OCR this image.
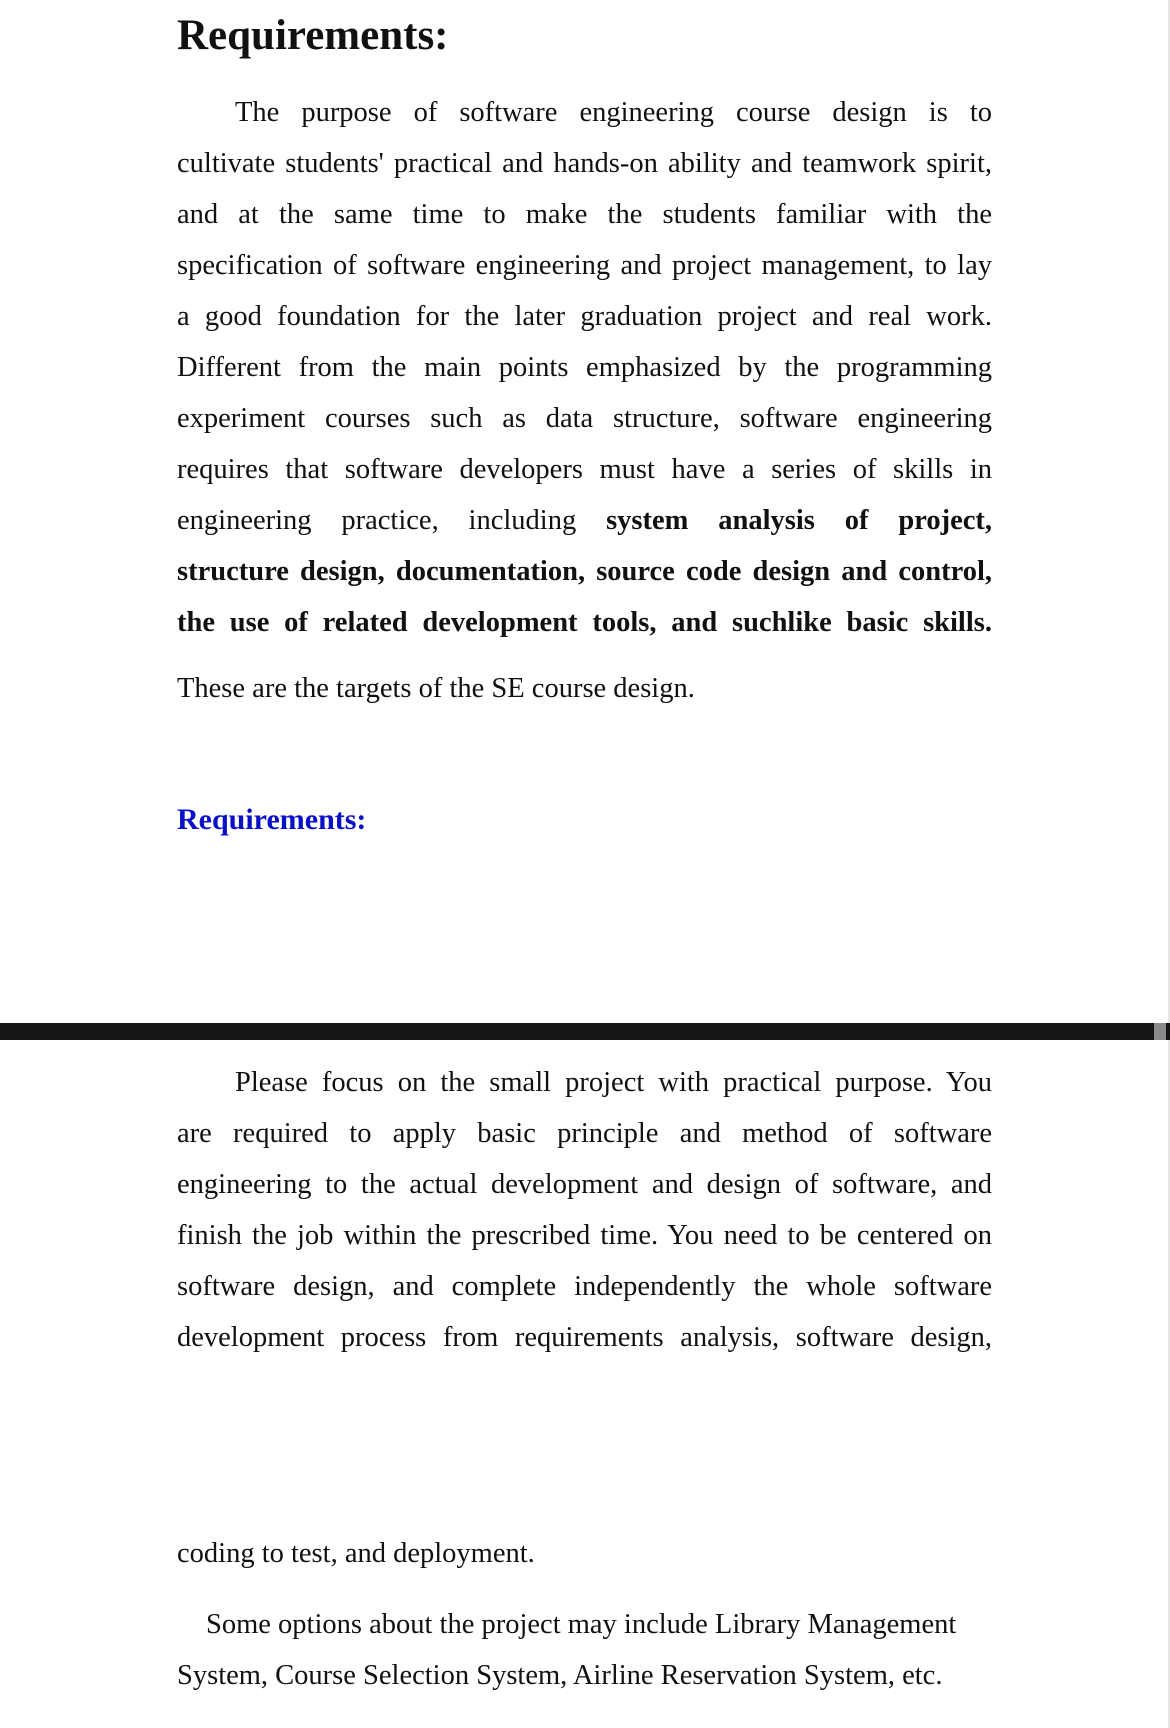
Requirements:
The purpose of software engineering course design is to
cultivate students' practical and hands-on ability and teamwork spirit,
and at the same time to make the students familiar with the
specification of software engineering and project management, to lay
a good foundation for the later graduation project and real work.
Different from the main points emphasized by the programming
experiment courses such as data structure, software engineering
requires that software developers must have a series of skills in
engineering practice, including system analysis of project,
structure design, documentation, source code design and control,
the use of related development tools, and suchlike basic skills.

These are the targets of the SE course design.

Requirements:
Please focus on the small project with practical purpose. You
are required to apply basic principle and method of software
engineering to the actual development and design of software, and
finish the job within the prescribed time. You need to be centered on
software design, and complete independently the whole software
development process from requirements analysis, software design,

coding to test, and deployment.

Some options about the project may include Library Management
System, Course Selection System, Airline Reservation System, etc.
